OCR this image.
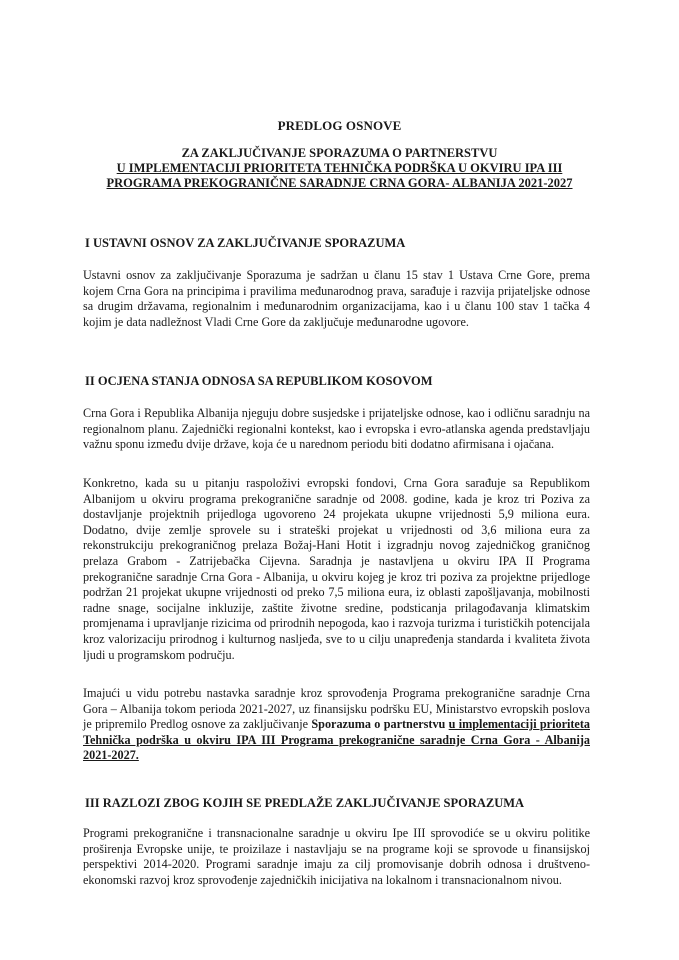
PREDLOG OSNOVE
ZA ZAKLJUČIVANJE SPORAZUMA O PARTNERSTVU
U IMPLEMENTACIJI PRIORITETA TEHNIČKA PODRŠKA U OKVIRU IPA III
PROGRAMA PREKOGRANIČNE SARADNJE CRNA GORA- ALBANIJA 2021-2027
I USTAVNI OSNOV ZA ZAKLJUČIVANJE SPORAZUMA
Ustavni osnov za zaključivanje Sporazuma je sadržan u članu 15 stav 1 Ustava Crne Gore, prema kojem Crna Gora na principima i pravilima međunarodnog prava, sarađuje i razvija prijateljske odnose sa drugim državama, regionalnim i međunarodnim organizacijama, kao i u članu 100 stav 1 tačka 4 kojim je data nadležnost Vladi Crne Gore da zaključuje međunarodne ugovore.
II OCJENA STANJA ODNOSA SA REPUBLIKOM KOSOVOM
Crna Gora i Republika Albanija njeguju dobre susjedske i prijateljske odnose, kao i odličnu saradnju na regionalnom planu. Zajednički regionalni kontekst, kao i evropska i evro-atlanska agenda predstavljaju važnu sponu između dvije države, koja će u narednom periodu biti dodatno afirmisana i ojačana.
Konkretno, kada su u pitanju raspoloživi evropski fondovi, Crna Gora sarađuje sa Republikom Albanijom u okviru programa prekogranične saradnje od 2008. godine, kada je kroz tri Poziva za dostavljanje projektnih prijedloga ugovoreno 24 projekata ukupne vrijednosti 5,9 miliona eura. Dodatno, dvije zemlje sprovele su i strateški projekat u vrijednosti od 3,6 miliona eura za rekonstrukciju prekograničnog prelaza Božaj-Hani Hotit i izgradnju novog zajedničkog graničnog prelaza Grabom - Zatrijebačka Cijevna. Saradnja je nastavljena u okviru IPA II Programa prekogranične saradnje Crna Gora - Albanija, u okviru kojeg je kroz tri poziva za projektne prijedloge podržan 21 projekat ukupne vrijednosti od preko 7,5 miliona eura, iz oblasti zapošljavanja, mobilnosti radne snage, socijalne inkluzije, zaštite životne sredine, podsticanja prilagođavanja klimatskim promjenama i upravljanje rizicima od prirodnih nepogoda, kao i razvoja turizma i turističkih potencijala kroz valorizaciju prirodnog i kulturnog nasljeđa, sve to u cilju unapređenja standarda i kvaliteta života ljudi u programskom području.
Imajući u vidu potrebu nastavka saradnje kroz sprovođenja Programa prekogranične saradnje Crna Gora – Albanija tokom perioda 2021-2027, uz finansijsku podršku EU, Ministarstvo evropskih poslova je pripremilo Predlog osnove za zaključivanje Sporazuma o partnerstvu u implementaciji prioriteta Tehnička podrška u okviru IPA III Programa prekogranične saradnje Crna Gora - Albanija 2021-2027.
III RAZLOZI ZBOG KOJIH SE PREDLAŽE ZAKLJUČIVANJE SPORAZUMA
Programi prekogranične i transnacionalne saradnje u okviru Ipe III sprovodiće se u okviru politike proširenja Evropske unije, te proizilaze i nastavljaju se na programe koji se sprovode u finansijskoj perspektivi 2014-2020. Programi saradnje imaju za cilj promovisanje dobrih odnosa i društveno-ekonomski razvoj kroz sprovođenje zajedničkih inicijativa na lokalnom i transnacionalnom nivou.
